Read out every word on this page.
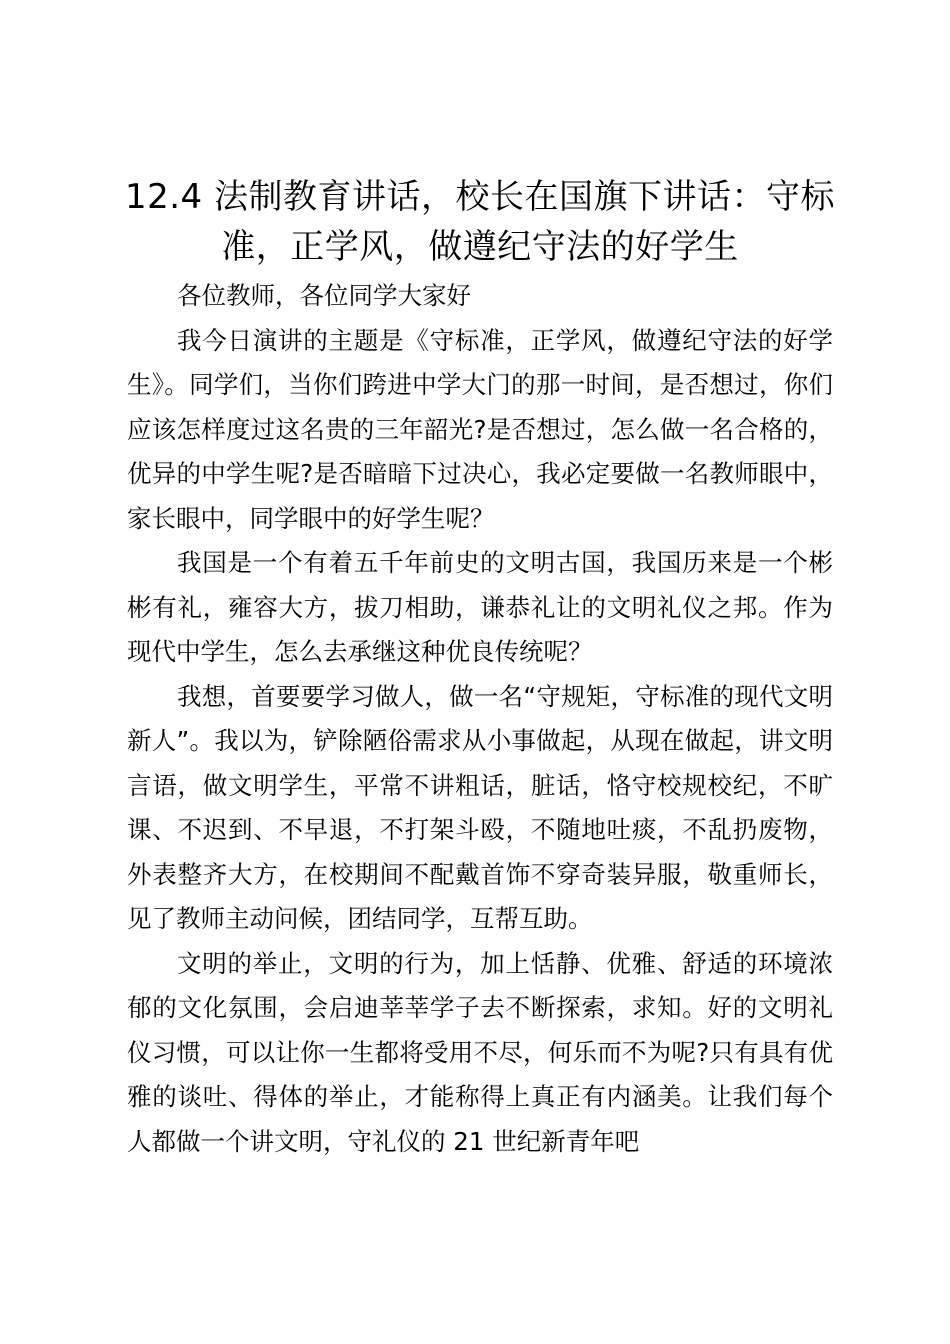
12.4 法制教育讲话，校长在国旗下讲话：守标准，正学风，做遵纪守法的好学生

各位教师，各位同学大家好

我今日演讲的主题是《守标准，正学风，做遵纪守法的好学生》。同学们，当你们跨进中学大门的那一时间，是否想过，你们应该怎样度过这名贵的三年韶光?是否想过，怎么做一名合格的，优异的中学生呢?是否暗暗下过决心，我必定要做一名教师眼中，家长眼中，同学眼中的好学生呢？

我国是一个有着五千年前史的文明古国，我国历来是一个彬彬有礼，雍容大方，拔刀相助，谦恭礼让的文明礼仪之邦。作为现代中学生，怎么去承继这种优良传统呢？

我想，首要要学习做人，做一名“守规矩，守标准的现代文明新人”。我以为，铲除陋俗需求从小事做起，从现在做起，讲文明言语，做文明学生，平常不讲粗话，脏话，恪守校规校纪，不旷课、不迟到、不早退，不打架斗殴，不随地吐痰，不乱扔废物，外表整齐大方，在校期间不配戴首饰不穿奇装异服，敬重师长，见了教师主动问候，团结同学，互帮互助。

文明的举止，文明的行为，加上恬静、优雅、舒适的环境浓郁的文化氛围，会启迪莘莘学子去不断探索，求知。好的文明礼仪习惯，可以让你一生都将受用不尽，何乐而不为呢?只有具有优雅的谈吐、得体的举止，才能称得上真正有内涵美。让我们每个人都做一个讲文明，守礼仪的 21 世纪新青年吧
